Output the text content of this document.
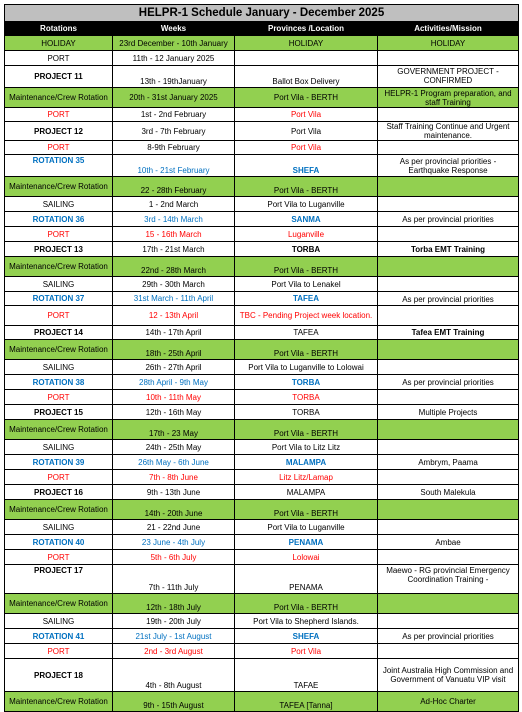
HELPR-1 Schedule January - December 2025			
Rotations	Weeks	Provinces /Location	Activities/Mission
HOLIDAY	23rd December - 10th January	HOLIDAY	HOLIDAY
PORT	11th - 12 January 2025		
PROJECT 11	13th - 19thJanuary	Ballot Box Delivery	GOVERNMENT PROJECT - CONFIRMED
Maintenance/Crew Rotation	20th - 31st January 2025	Port Vila - BERTH	HELPR-1 Program preparation, and staff Training
PORT	1st - 2nd February	Port Vila	
PROJECT 12	3rd - 7th February	Port Vila	Staff Training Continue and Urgent maintenance.
PORT	8-9th February	Port Vila	
ROTATION 35	10th - 21st February	SHEFA	As per provincial priorities - Earthquake Response
Maintenance/Crew Rotation	22 - 28th February	Port Vila - BERTH	
SAILING	1 - 2nd March	Port Vila to Luganville	
ROTATION 36	3rd - 14th March	SANMA	As per provincial priorities
PORT	15 - 16th March	Luganville	
PROJECT 13	17th - 21st March	TORBA	Torba EMT Training
Maintenance/Crew Rotation	22nd - 28th March	Port Vila - BERTH	
SAILING	29th - 30th March	Port Vila to Lenakel	
ROTATION 37	31st March - 11th April	TAFEA	As per provincial priorities
PORT	12 - 13th April	TBC - Pending Project week location.	
PROJECT 14	14th - 17th April	TAFEA	Tafea EMT Training
Maintenance/Crew Rotation	18th - 25th April	Port Vila - BERTH	
SAILING	26th - 27th April	Port Vila to Luganville to Lolowai	
ROTATION 38	28th April - 9th May	TORBA	As per provincial priorities
PORT	10th - 11th May	TORBA	
PROJECT 15	12th - 16th May	TORBA	Multiple Projects
Maintenance/Crew Rotation	17th - 23 May	Port Vila - BERTH	
SAILING	24th - 25th May	Port Vila to Litz Litz	
ROTATION 39	26th May - 6th June	MALAMPA	Ambrym, Paama
PORT	7th - 8th June	Litz Litz/Lamap	
PROJECT 16	9th - 13th June	MALAMPA	South Malekula
Maintenance/Crew Rotation	14th - 20th June	Port Vila - BERTH	
SAILING	21 - 22nd June	Port Vila to Luganville	
ROTATION 40	23 June - 4th July	PENAMA	Ambae
PORT	5th - 6th July	Lolowai	
PROJECT 17	7th - 11th July	PENAMA	Maewo - RG provincial Emergency Coordination Training -
Maintenance/Crew Rotation	12th - 18th July	Port Vila - BERTH	
SAILING	19th - 20th July	Port Vila to Shepherd Islands.	
ROTATION 41	21st July - 1st August	SHEFA	As per provincial priorities
PORT	2nd - 3rd August	Port Vila	
PROJECT 18	4th - 8th August	TAFAE	Joint Australia High Commission and Government of Vanuatu VIP visit
Maintenance/Crew Rotation	9th - 15th August	TAFEA [Tanna]	Ad-Hoc Charter
